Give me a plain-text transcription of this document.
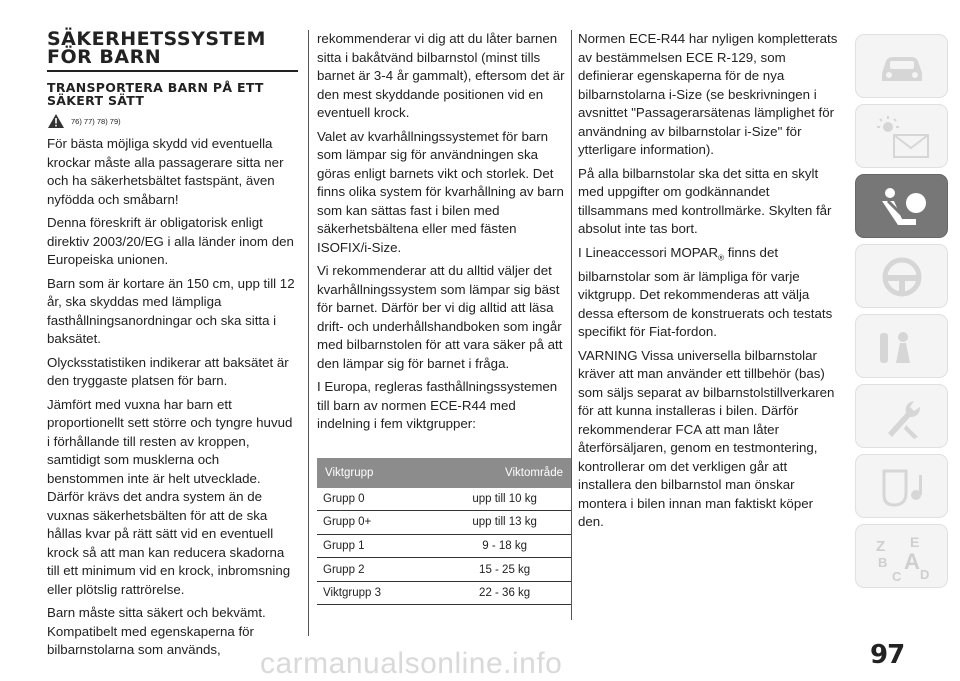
SÄKERHETSSYSTEM FÖR BARN
TRANSPORTERA BARN PÅ ETT SÄKERT SÄTT
76) 77) 78) 79)

För bästa möjliga skydd vid eventuella krockar måste alla passagerare sitta ner och ha säkerhetsbältet fastspänt, även nyfödda och småbarn!

Denna föreskrift är obligatorisk enligt direktiv 2003/20/EG i alla länder inom den Europeiska unionen.

Barn som är kortare än 150 cm, upp till 12 år, ska skyddas med lämpliga fasthållningsanordningar och ska sitta i baksätet.

Olycksstatistiken indikerar att baksätet är den tryggaste platsen för barn.

Jämfört med vuxna har barn ett proportionellt sett större och tyngre huvud i förhållande till resten av kroppen, samtidigt som musklerna och benstommen inte är helt utvecklade. Därför krävs det andra system än de vuxnas säkerhetsbälten för att de ska hållas kvar på rätt sätt vid en eventuell krock så att man kan reducera skadorna till ett minimum vid en krock, inbromsning eller plötslig rattrörelse.

Barn måste sitta säkert och bekvämt. Kompatibelt med egenskaperna för bilbarnstolarna som används,

rekommenderar vi dig att du låter barnen sitta i bakåtvänd bilbarnstol (minst tills barnet är 3-4 år gammalt), eftersom det är den mest skyddande positionen vid en eventuell krock.

Valet av kvarhållningssystemet för barn som lämpar sig för användningen ska göras enligt barnets vikt och storlek. Det finns olika system för kvarhållning av barn som kan sättas fast i bilen med säkerhetsbältena eller med fästen ISOFIX/i-Size.

Vi rekommenderar att du alltid väljer det kvarhållningssystem som lämpar sig bäst för barnet. Därför ber vi dig alltid att läsa drift- och underhållshandboken som ingår med bilbarnstolen för att vara säker på att den lämpar sig för barnet i fråga.

I Europa, regleras fasthållningssystemen till barn av normen ECE-R44 med indelning i fem viktgrupper:

Viktgrupp	Viktområde
Grupp 0	upp till 10 kg
Grupp 0+	upp till 13 kg
Grupp 1	9 - 18 kg
Grupp 2	15 - 25 kg
Viktgrupp 3	22 - 36 kg

Normen ECE-R44 har nyligen kompletterats av bestämmelsen ECE R-129, som definierar egenskaperna för de nya bilbarnstolarna i-Size (se beskrivningen i avsnittet "Passagerarsätenas lämplighet för användning av bilbarnstolar i-Size" för ytterligare information).

På alla bilbarnstolar ska det sitta en skylt med uppgifter om godkännandet tillsammans med kontrollmärke. Skylten får absolut inte tas bort.

I Lineaccessori $MOPAR_®$ finns det bilbarnstolar som är lämpliga för varje viktgrupp. Det rekommenderas att välja dessa eftersom de konstruerats och testats specifikt för Fiat-fordon.

VARNING Vissa universella bilbarnstolar kräver att man använder ett tillbehör (bas) som säljs separat av bilbarnstolstillverkaren för att kunna installeras i bilen. Därför rekommenderar FCA att man låter återförsäljaren, genom en testmontering, kontrollerar om det verkligen går att installera den bilbarnstol man önskar montera i bilen innan man faktiskt köper den.

Z E
B A
C D
97
carmanualsonline.info
